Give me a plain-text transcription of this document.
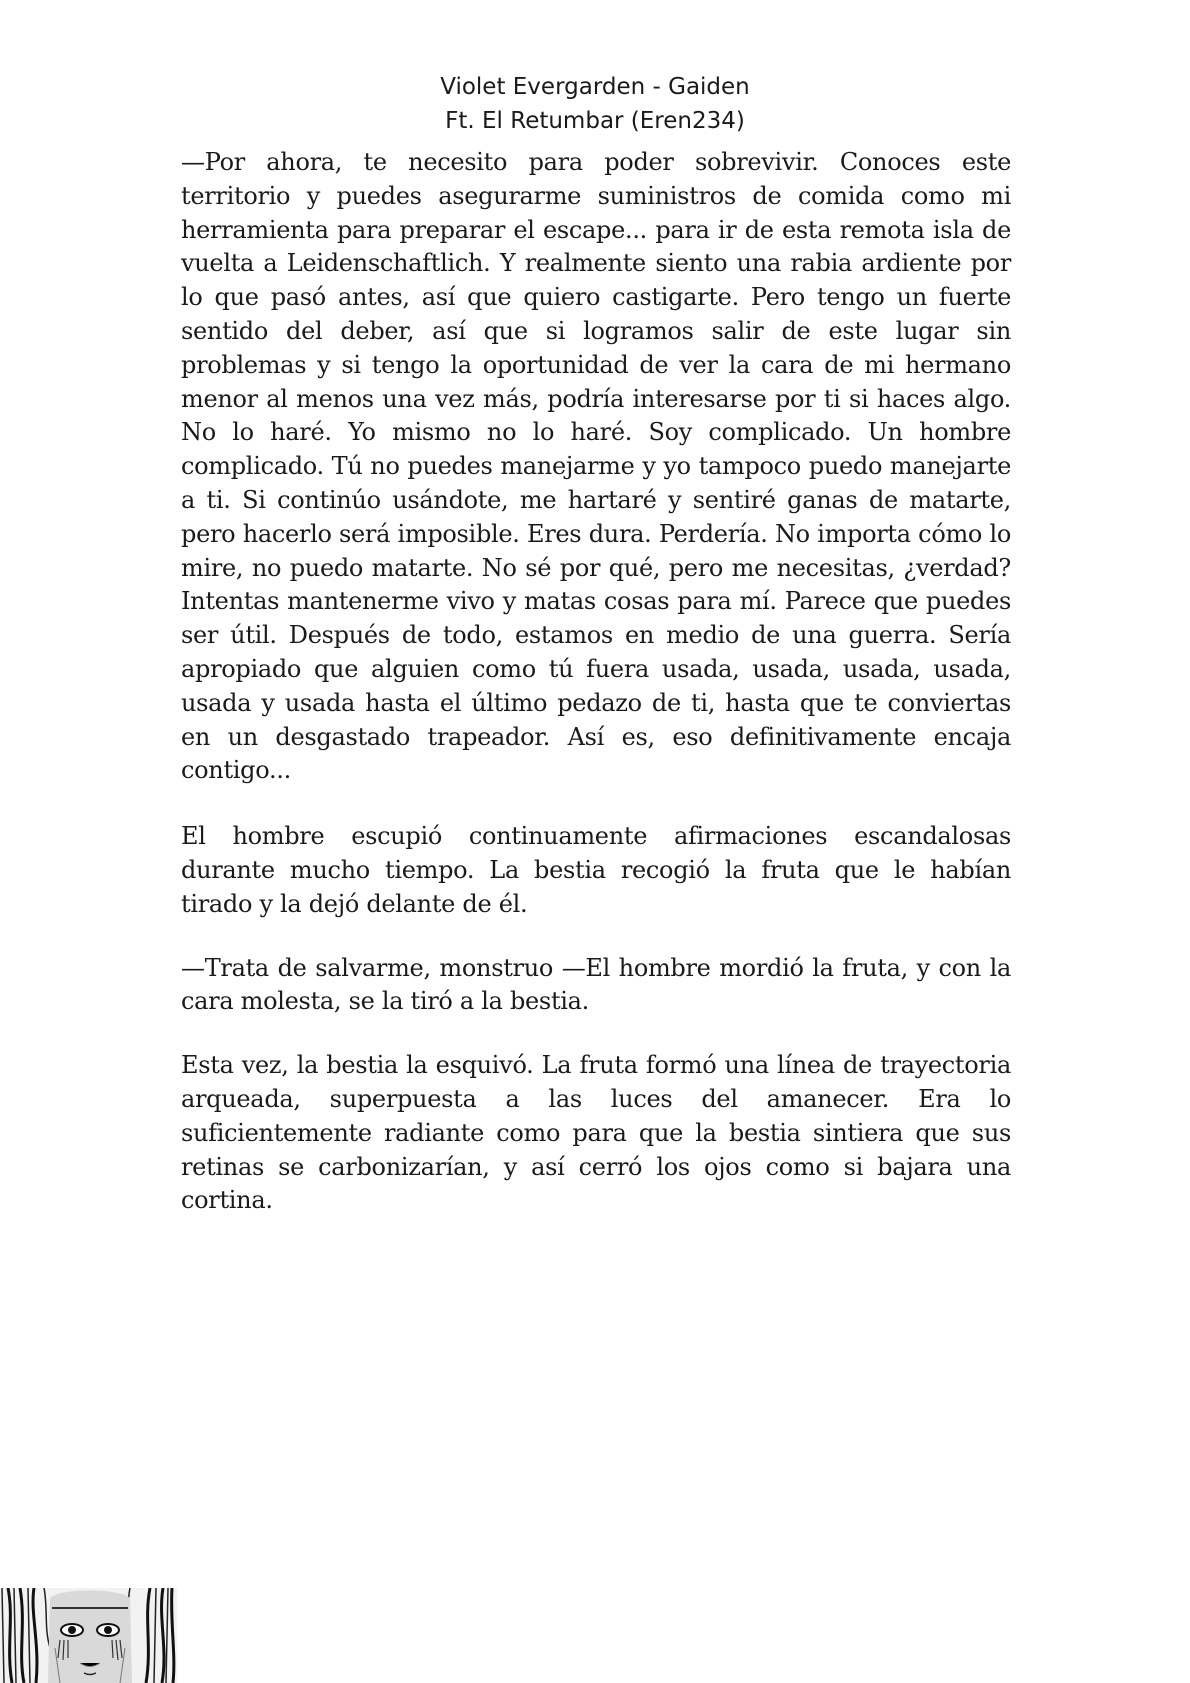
Violet Evergarden - Gaiden
Ft. El Retumbar (Eren234)

—Por ahora, te necesito para poder sobrevivir. Conoces este territorio y puedes asegurarme suministros de comida como mi herramienta para preparar el escape... para ir de esta remota isla de vuelta a Leidenschaftlich. Y realmente siento una rabia ardiente por lo que pasó antes, así que quiero castigarte. Pero tengo un fuerte sentido del deber, así que si logramos salir de este lugar sin problemas y si tengo la oportunidad de ver la cara de mi hermano menor al menos una vez más, podría interesarse por ti si haces algo. No lo haré. Yo mismo no lo haré. Soy complicado. Un hombre complicado. Tú no puedes manejarme y yo tampoco puedo manejarte a ti. Si continúo usándote, me hartaré y sentiré ganas de matarte, pero hacerlo será imposible. Eres dura. Perdería. No importa cómo lo mire, no puedo matarte. No sé por qué, pero me necesitas, ¿verdad? Intentas mantenerme vivo y matas cosas para mí. Parece que puedes ser útil. Después de todo, estamos en medio de una guerra. Sería apropiado que alguien como tú fuera usada, usada, usada, usada, usada y usada hasta el último pedazo de ti, hasta que te conviertas en un desgastado trapeador. Así es, eso definitivamente encaja contigo...

El hombre escupió continuamente afirmaciones escandalosas durante mucho tiempo. La bestia recogió la fruta que le habían tirado y la dejó delante de él.

—Trata de salvarme, monstruo —El hombre mordió la fruta, y con la cara molesta, se la tiró a la bestia.

Esta vez, la bestia la esquivó. La fruta formó una línea de trayectoria arqueada, superpuesta a las luces del amanecer. Era lo suficientemente radiante como para que la bestia sintiera que sus retinas se carbonizarían, y así cerró los ojos como si bajara una cortina.
